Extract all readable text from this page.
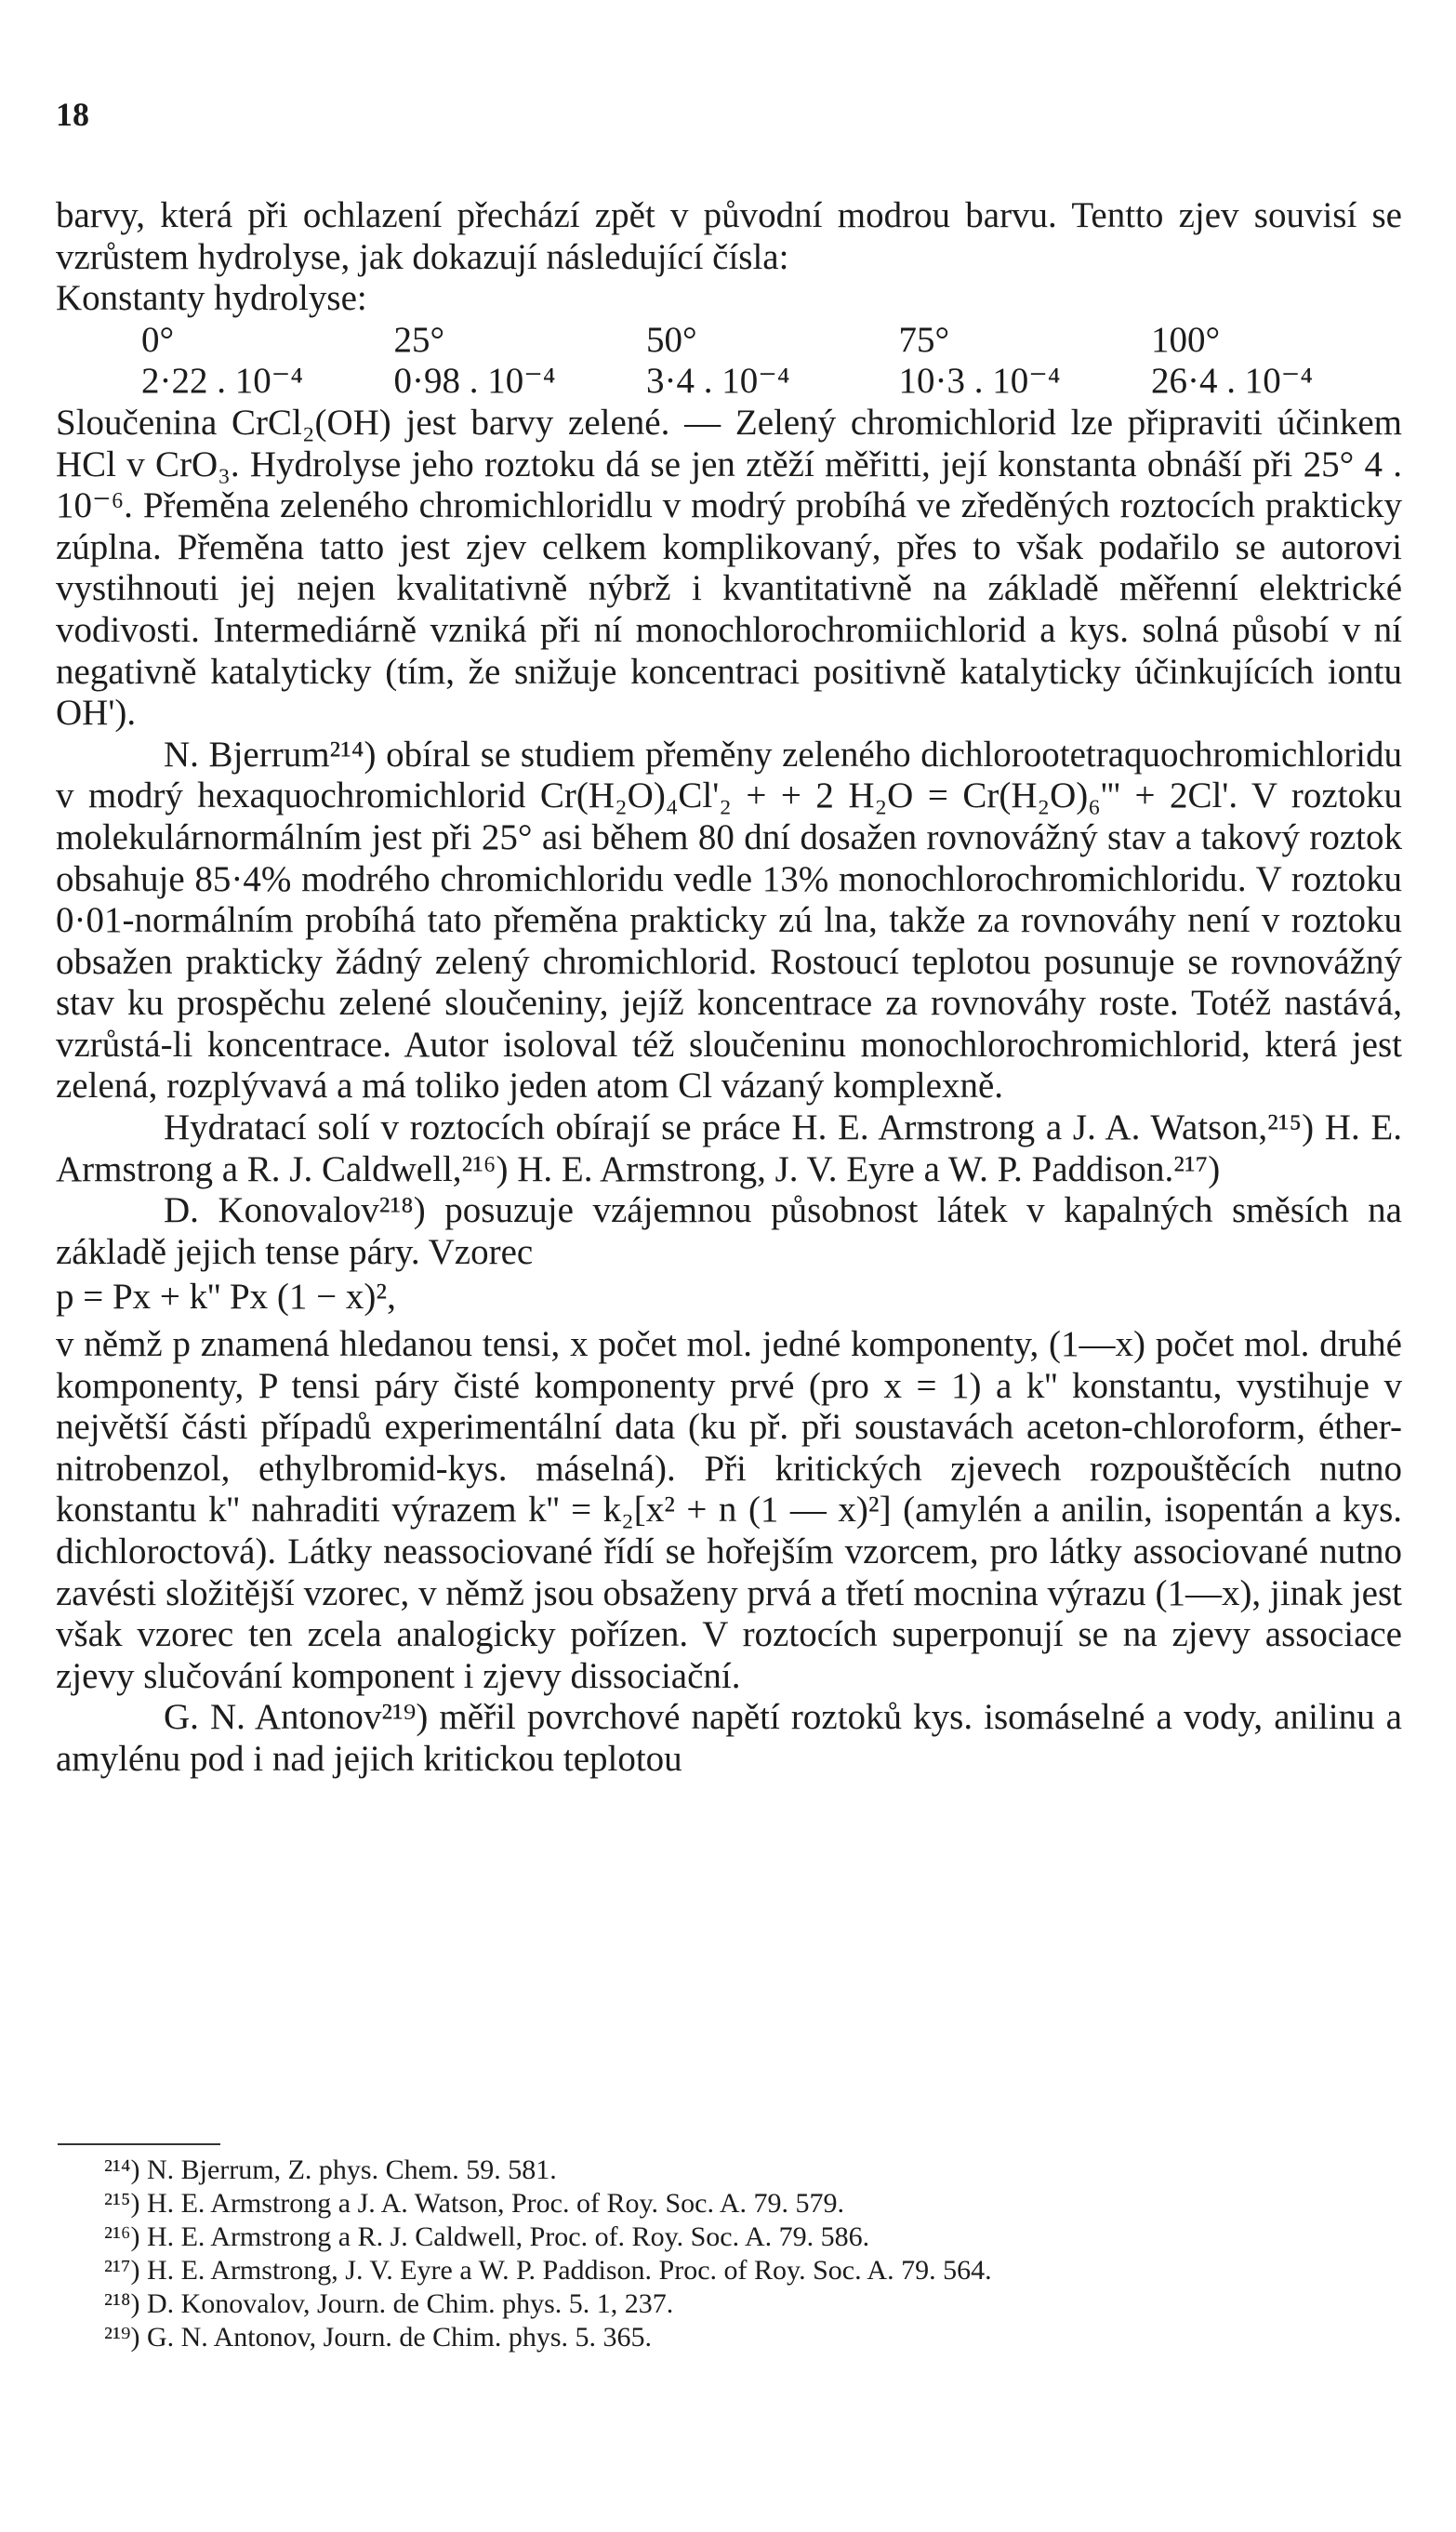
18

barvy, která při ochlazení přechází zpět v původní modrou barvu. Tentto zjev souvisí se vzrůstem hydrolyse, jak dokazují následující čísla:

Konstanty hydrolyse:

0°	25°	50°	75°	100°
2·22 . 10⁻⁴	0·98 . 10⁻⁴	3·4 . 10⁻⁴	10·3 . 10⁻⁴	26·4 . 10⁻⁴

Sloučenina CrCl₂(OH) jest barvy zelené. — Zelený chromichlorid lze připraviti účinkem HCl v CrO₃. Hydrolyse jeho roztoku dá se jen ztěží měřitti, její konstanta obnáší při 25° 4 . 10⁻⁶. Přeměna zeleného chromichloridlu v modrý probíhá ve zředěných roztocích prakticky zúplna. Přeměna tatto jest zjev celkem komplikovaný, přes to však podařilo se autorovi vystihnouti jej nejen kvalitativně nýbrž i kvantitativně na základě měřenní elektrické vodivosti. Intermediárně vzniká při ní monochlorochromiichlorid a kys. solná působí v ní negativně katalyticky (tím, že snižuje koncentraci positivně katalyticky účinkujících iontu OH').

N. Bjerrum²¹⁴) obíral se studiem přeměny zeleného dichlorootetraquochromichloridu v modrý hexaquochromichlorid Cr(H₂O)₄Cl'₂ + + 2 H₂O = Cr(H₂O)₆''' + 2Cl'. V roztoku molekulárnormálním jest při 25° asi během 80 dní dosažen rovnovážný stav a takový roztok obsahuje 85·4% modrého chromichloridu vedle 13% monochlorochromichloridu. V roztoku 0·01-normálním probíhá tato přeměna prakticky zú lna, takže za rovnováhy není v roztoku obsažen prakticky žádný zelený chromichlorid. Rostoucí teplotou posunuje se rovnovážný stav ku prospěchu zelené sloučeniny, jejíž koncentrace za rovnováhy roste. Totéž nastává, vzrůstá-li koncentrace. Autor isoloval též sloučeninu monochlorochromichlorid, která jest zelená, rozplývavá a má toliko jeden atom Cl vázaný komplexně.

Hydratací solí v roztocích obírají se práce H. E. Armstrong a J. A. Watson,²¹⁵) H. E. Armstrong a R. J. Caldwell,²¹⁶) H. E. Armstrong, J. V. Eyre a W. P. Paddison.²¹⁷)

D. Konovalov²¹⁸) posuzuje vzájemnou působnost látek v kapalných směsích na základě jejich tense páry. Vzorec

p = Px + k'' Px (1 − x)²,

v němž p znamená hledanou tensi, x počet mol. jedné komponenty, (1—x) počet mol. druhé komponenty, P tensi páry čisté komponenty prvé (pro x = 1) a k'' konstantu, vystihuje v největší části případů experimentální data (ku př. při soustavách aceton-chloroform, éther-nitrobenzol, ethylbromid-kys. máselná). Při kritických zjevech rozpouštěcích nutno konstantu k'' nahraditi výrazem k'' = k₂[x² + n (1 — x)²] (amylén a anilin, isopentán a kys. dichloroctová). Látky neassociované řídí se hořejším vzorcem, pro látky associované nutno zavésti složitější vzorec, v němž jsou obsaženy prvá a třetí mocnina výrazu (1—x), jinak jest však vzorec ten zcela analogicky pořízen. V roztocích superponují se na zjevy associace zjevy slučování komponent i zjevy dissociační.

G. N. Antonov²¹⁹) měřil povrchové napětí roztoků kys. isomáselné a vody, anilinu a amylénu pod i nad jejich kritickou teplotou

²¹⁴) N. Bjerrum, Z. phys. Chem. 59. 581.

²¹⁵) H. E. Armstrong a J. A. Watson, Proc. of Roy. Soc. A. 79. 579.

²¹⁶) H. E. Armstrong a R. J. Caldwell, Proc. of. Roy. Soc. A. 79. 586.

²¹⁷) H. E. Armstrong, J. V. Eyre a W. P. Paddison. Proc. of Roy. Soc. A. 79. 564.

²¹⁸) D. Konovalov, Journ. de Chim. phys. 5. 1, 237.

²¹⁹) G. N. Antonov, Journ. de Chim. phys. 5. 365.
